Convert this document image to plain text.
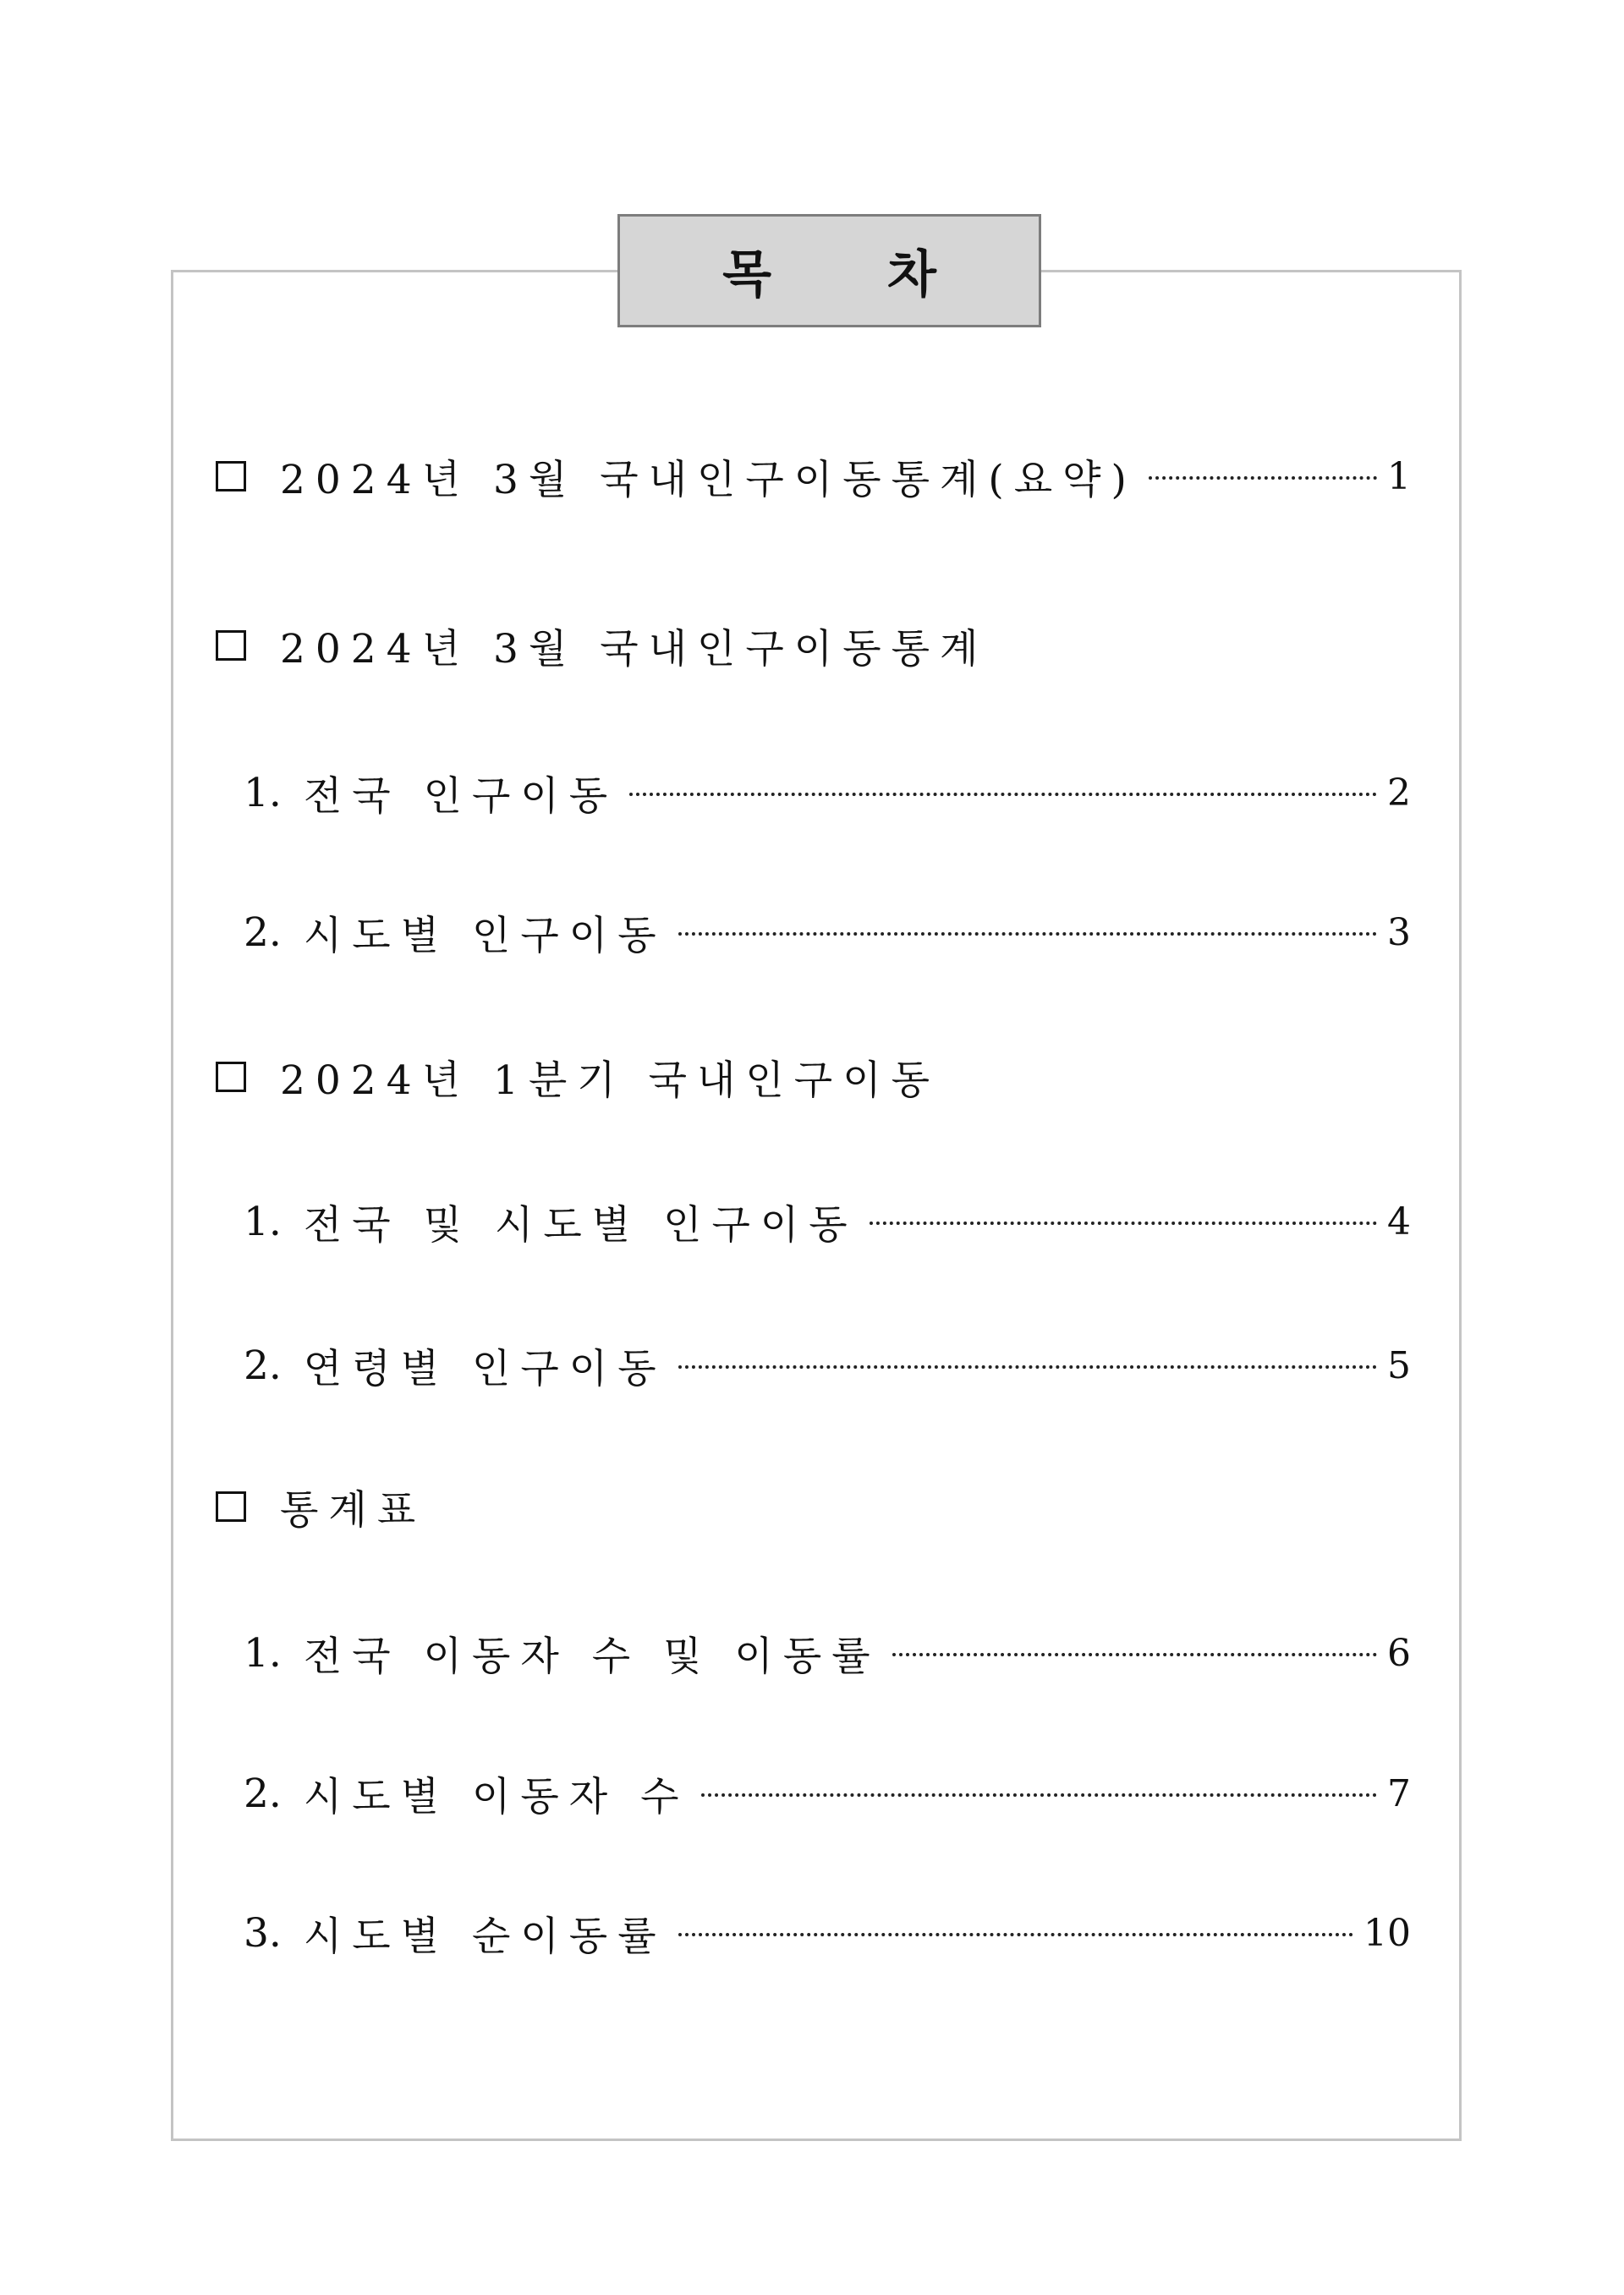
목 차
2024년 3월 국내인구이동통계(요약)	1
2024년 3월 국내인구이동통계
1. 전국 인구이동	2
2. 시도별 인구이동	3
2024년 1분기 국내인구이동
1. 전국 및 시도별 인구이동	4
2. 연령별 인구이동	5
통계표
1. 전국 이동자 수 및 이동률	6
2. 시도별 이동자 수	7
3. 시도별 순이동률	10
